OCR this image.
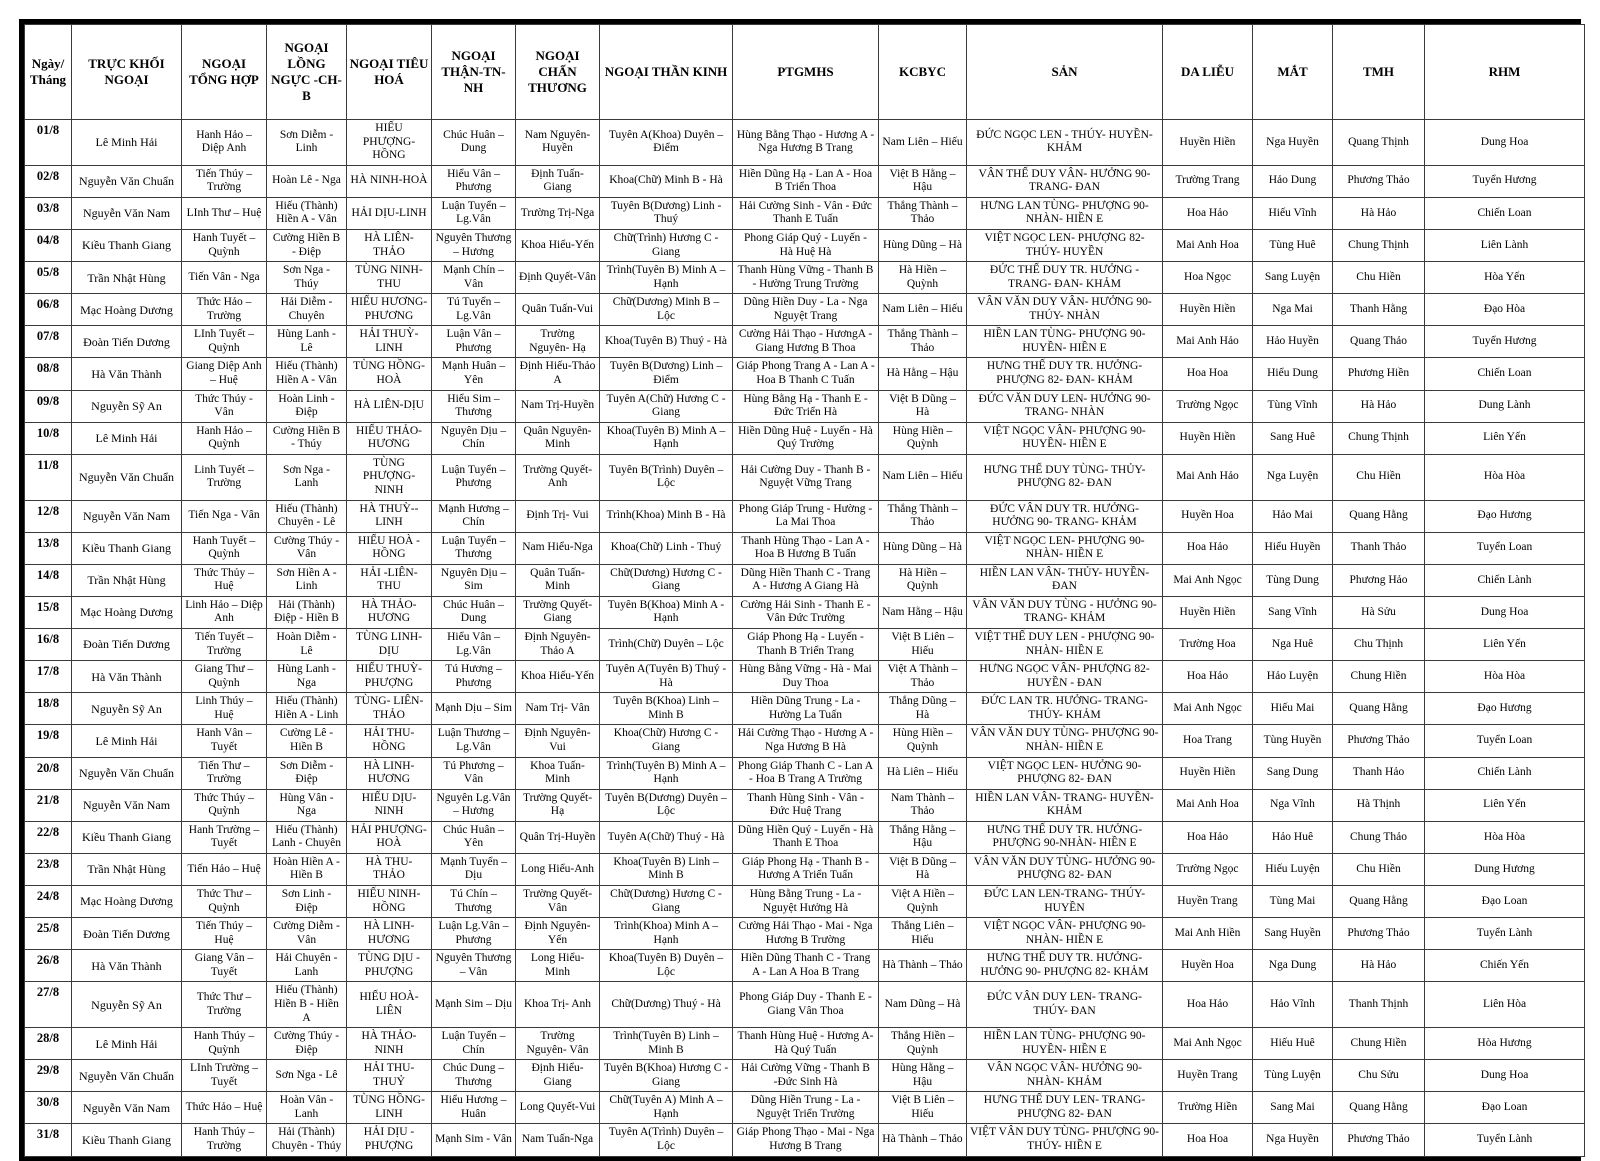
Ngày/ Tháng	TRỰC KHỐI NGOẠI	NGOẠI TỔNG HỢP	NGOẠI LỒNG NGỰC -CH-B	NGOẠI TIÊU HOÁ	NGOẠI THẬN-TN-NH	NGOẠI CHẤN THƯƠNG	NGOẠI THẦN KINH	PTGMHS	KCBYC	SẢN	DA LIỄU	MẮT	TMH	RHM
01/8	Lê Minh Hải	Hanh Hảo – Diệp Anh	Sơn Diễm - Linh	HIẾU PHƯỢNG-HỒNG	Chúc Huân – Dung	Nam Nguyên-Huyền	Tuyên A(Khoa) Duyên – Điểm	Hùng Bằng Thạo - Hương A - Nga Hương B Trang	Nam Liên – Hiếu	ĐỨC NGỌC LEN - THÚY- HUYỀN-KHẢM	Huyền Hiền	Nga Huyền	Quang Thịnh	Dung Hoa
02/8	Nguyễn Văn Chuẩn	Tiến Thúy – Trường	Hoàn Lê - Nga	HÀ NINH-HOÀ	Hiểu Vân – Phương	Định Tuấn-Giang	Khoa(Chữ) Minh B - Hà	Hiền Dũng Hạ - Lan A - Hoa B Triển Thoa	Việt B Hằng – Hậu	VÂN THẾ DUY VÂN- HƯỞNG 90-TRANG- ĐAN	Trường Trang	Hảo Dung	Phương Thảo	Tuyển Hương
03/8	Nguyễn Văn Nam	LInh Thư – Huệ	Hiếu (Thành) Hiền A - Vân	HẢI DỊU-LINH	Luận Tuyển – Lg.Vân	Trường Trị-Nga	Tuyên B(Dương) Linh - Thuý	Hải Cường Sinh - Vân - Đức Thanh E Tuấn	Thắng Thành – Thảo	HƯNG LAN TÙNG- PHƯỢNG 90-NHÀN- HIỀN E	Hoa Hảo	Hiếu Vĩnh	Hà Hảo	Chiến Loan
04/8	Kiều Thanh Giang	Hanh Tuyết – Quỳnh	Cường Hiền B - Điệp	HÀ LIÊN-THẢO	Nguyên Thương – Hương	Khoa Hiểu-Yến	Chữ(Trình) Hương C - Giang	Phong Giáp Quý - Luyến - Hà Huệ Hà	Hùng Dũng – Hà	VIỆT NGỌC LEN- PHƯỢNG 82-THÚY- HUYỀN	Mai Anh Hoa	Tùng Huê	Chung Thịnh	Liên Lành
05/8	Trần Nhật Hùng	Tiến Vân - Nga	Sơn Nga - Thúy	TÙNG NINH-THU	Mạnh Chín – Vân	Định Quyết-Vân	Trình(Tuyên B) Minh A – Hạnh	Thanh Hùng Vững - Thanh B - Hường Trung Trường	Hà Hiền – Quỳnh	ĐỨC THẾ DUY TR. HƯỞNG - TRANG- ĐAN- KHẢM	Hoa Ngọc	Sang Luyện	Chu Hiền	Hòa Yến
06/8	Mạc Hoàng Dương	Thức Hảo – Trường	Hải Diễm - Chuyên	HIẾU HƯƠNG-PHƯƠNG	Tú Tuyển – Lg.Vân	Quân Tuấn-Vui	Chữ(Dương) Minh B – Lộc	Dũng Hiền Duy - La - Nga Nguyệt Trang	Nam Liên – Hiếu	VÂN VĂN DUY VÂN- HƯỞNG 90-THÚY- NHÀN	Huyền Hiền	Nga Mai	Thanh Hằng	Đạo Hòa
07/8	Đoàn Tiến Dương	LInh Tuyết – Quỳnh	Hùng Lanh - Lê	HẢI THUỲ-LINH	Luận Vân – Phương	Trường Nguyên- Hạ	Khoa(Tuyên B) Thuý - Hà	Cường Hải Thạo - HươngA - Giang Hương B Thoa	Thắng Thành – Thảo	HIỀN LAN TÙNG- PHƯỢNG 90-HUYỀN- HIỀN E	Mai Anh Hảo	Hảo Huyền	Quang Thảo	Tuyển Hương
08/8	Hà Văn Thành	Giang Diệp Anh – Huệ	Hiếu (Thành) Hiền A - Vân	TÙNG HỒNG-HOÀ	Mạnh Huân – Yên	Định Hiếu-Thảo A	Tuyên B(Dương) Linh – Điểm	Giáp Phong Trang A - Lan A - Hoa B Thanh C Tuấn	Hà Hằng – Hậu	HƯNG THẾ DUY TR. HƯỞNG-PHƯỢNG 82- ĐAN- KHẢM	Hoa Hoa	Hiểu Dung	Phương Hiền	Chiến Loan
09/8	Nguyễn Sỹ An	Thức Thúy - Vân	Hoàn Linh - Điệp	HÀ LIÊN-DỊU	Hiểu Sim – Thương	Nam Trị-Huyền	Tuyên A(Chữ) Hương C - Giang	Hùng Bằng Hạ - Thanh E - Đức Triển Hà	Việt B Dũng – Hà	ĐỨC VĂN DUY LEN- HƯỞNG 90-TRANG- NHÀN	Trường Ngọc	Tùng Vĩnh	Hà Hảo	Dung Lành
10/8	Lê Minh Hải	Hanh Hảo – Quỳnh	Cường Hiền B - Thúy	HIẾU THẢO-HƯƠNG	Nguyên Dịu – Chín	Quân Nguyên-Minh	Khoa(Tuyên B) Minh A – Hạnh	Hiền Dũng Huệ - Luyến - Hà Quý Trường	Hùng Hiền – Quỳnh	VIỆT NGỌC VÂN- PHƯỢNG 90-HUYỀN- HIỀN E	Huyền Hiền	Sang Huê	Chung Thịnh	Liên Yến
11/8	Nguyễn Văn Chuẩn	Linh Tuyết – Trường	Sơn Nga - Lanh	TÙNG PHƯỢNG-NINH	Luận Tuyển – Phương	Trường Quyết-Anh	Tuyên B(Trình) Duyên – Lộc	Hải Cường Duy - Thanh B - Nguyệt Vững Trang	Nam Liên – Hiếu	HƯNG THẾ DUY TÙNG- THỦY-PHƯỢNG 82- ĐAN	Mai Anh Hảo	Nga Luyện	Chu Hiền	Hòa Hòa
12/8	Nguyễn Văn Nam	Tiến Nga - Vân	Hiếu (Thành) Chuyên - Lê	HÀ THUỲ--LINH	Mạnh Hương – Chín	Định Trị- Vui	Trình(Khoa) Minh B - Hà	Phong Giáp Trung - Hường - La Mai Thoa	Thắng Thành – Thảo	ĐỨC VÂN DUY TR. HƯỞNG-HƯỞNG 90- TRANG- KHẢM	Huyền Hoa	Hảo Mai	Quang Hằng	Đạo Hương
13/8	Kiều Thanh Giang	Hanh Tuyết – Quỳnh	Cường Thúy - Vân	HIẾU HOÀ - HỒNG	Luận Tuyển – Thương	Nam Hiểu-Nga	Khoa(Chữ) Linh - Thuý	Thanh Hùng Thạo - Lan A - Hoa B Hương B Tuấn	Hùng Dũng – Hà	VIỆT NGỌC LEN- PHƯỢNG 90-NHÀN- HIỀN E	Hoa Hảo	Hiểu Huyền	Thanh Thảo	Tuyển Loan
14/8	Trần Nhật Hùng	Thức Thủy – Huệ	Sơn Hiền A - Linh	HẢI -LIÊN-THU	Nguyên Dịu – Sim	Quân Tuấn-Minh	Chữ(Dương) Hương C - Giang	Dũng Hiền Thanh C - Trang A - Hương A Giang Hà	Hà Hiền – Quỳnh	HIỀN LAN VÂN- THỦY- HUYỀN-ĐAN	Mai Anh Ngọc	Tùng Dung	Phương Hảo	Chiến Lành
15/8	Mạc Hoàng Dương	Linh Hảo – Diệp Anh	Hải (Thành) Điệp - Hiền B	HÀ THẢO-HƯƠNG	Chúc Huân – Dung	Trường Quyết-Giang	Tuyên B(Khoa) Minh A - Hạnh	Cường Hải Sinh - Thanh E - Vân Đức Trường	Nam Hằng – Hậu	VÂN VĂN DUY TÙNG - HƯỞNG 90- TRANG- KHẢM	Huyền Hiền	Sang Vĩnh	Hà Sửu	Dung Hoa
16/8	Đoàn Tiến Dương	Tiến Tuyết – Trường	Hoàn Diễm - Lê	TÙNG LINH-DỊU	Hiểu Vân – Lg.Vân	Định Nguyên-Thảo A	Trình(Chữ) Duyên – Lộc	Giáp Phong Hạ - Luyến - Thanh B Triển Trang	Việt B Liên – Hiếu	VIỆT THẾ DUY LEN - PHƯỢNG 90-NHÀN- HIỀN E	Trường Hoa	Nga Huê	Chu Thịnh	Liên Yến
17/8	Hà Văn Thành	Giang Thư – Quỳnh	Hùng Lanh - Nga	HIẾU THUỲ-PHƯỢNG	Tú Hương – Phương	Khoa Hiểu-Yến	Tuyên A(Tuyên B) Thuý - Hà	Hùng Bằng Vững - Hà - Mai Duy Thoa	Việt A Thành – Thảo	HƯNG NGỌC VÂN- PHƯỢNG 82-HUYỀN - ĐAN	Hoa Hảo	Hảo Luyện	Chung Hiền	Hòa Hòa
18/8	Nguyễn Sỹ An	Linh Thúy – Huệ	Hiếu (Thành) Hiền A - Linh	TÙNG- LIÊN-THẢO	Mạnh Dịu – Sim	Nam Trị- Vân	Tuyên B(Khoa) Linh – Minh B	Hiền Dũng Trung - La - Hường La Tuấn	Thắng Dũng – Hà	ĐỨC LAN TR. HƯỞNG- TRANG-THÚY- KHẢM	Mai Anh Ngọc	Hiếu Mai	Quang Hằng	Đạo Hương
19/8	Lê Minh Hải	Hanh Vân – Tuyết	Cường Lê - Hiền B	HẢI THU-HỒNG	Luận Thương – Lg.Vân	Định Nguyên-Vui	Khoa(Chữ) Hương C - Giang	Hải Cường Thạo - Hương A - Nga Hương B Hà	Hùng Hiền – Quỳnh	VÂN VĂN DUY TÙNG- PHƯỢNG 90- NHÀN- HIỀN E	Hoa Trang	Tùng Huyền	Phương Thảo	Tuyển Loan
20/8	Nguyễn Văn Chuẩn	Tiến Thư – Trường	Sơn Diễm - Điệp	HÀ LINH-HƯƠNG	Tú Phương – Vân	Khoa Tuấn-Minh	Trình(Tuyên B) Minh A – Hạnh	Phong Giáp Thanh C - Lan A - Hoa B Trang A Trường	Hà Liên – Hiếu	VIỆT NGỌC LEN- HƯỞNG 90-PHƯỢNG 82- ĐAN	Huyền Hiền	Sang Dung	Thanh Hảo	Chiến Lành
21/8	Nguyễn Văn Nam	Thức Thúy – Quỳnh	Hùng Vân - Nga	HIẾU DỊU-NINH	Nguyên Lg.Vân – Hương	Trường Quyết-Hạ	Tuyên B(Dương) Duyên – Lộc	Thanh Hùng Sinh - Vân - Đức Huệ Trang	Nam Thành – Thảo	HIỀN LAN VÂN- TRANG- HUYỀN-KHẢM	Mai Anh Hoa	Nga Vĩnh	Hà Thịnh	Liên Yến
22/8	Kiều Thanh Giang	Hanh Trường – Tuyết	Hiếu (Thành) Lanh - Chuyên	HẢI PHƯỢNG-HOÀ	Chúc Huân – Yên	Quân Trị-Huyền	Tuyên A(Chữ) Thuý - Hà	Dũng Hiền Quý - Luyến - Hà Thanh E Thoa	Thắng Hằng – Hậu	HƯNG THẾ DUY TR. HƯỞNG-PHƯỢNG 90-NHÀN- HIỀN E	Hoa Hảo	Hảo Huê	Chung Thảo	Hòa Hòa
23/8	Trần Nhật Hùng	Tiến Hảo – Huệ	Hoàn Hiền A - Hiền B	HÀ THU-THẢO	Mạnh Tuyển – Dịu	Long Hiểu-Anh	Khoa(Tuyên B) Linh – Minh B	Giáp Phong Hạ - Thanh B - Hương A Triển Tuấn	Việt B Dũng – Hà	VÂN VĂN DUY TÙNG- HƯỞNG 90- PHƯỢNG 82- ĐAN	Trường Ngọc	Hiếu Luyện	Chu Hiền	Dung Hương
24/8	Mạc Hoàng Dương	Thức Thư – Quỳnh	Sơn Linh - Điệp	HIẾU NINH-HỒNG	Tú Chín – Thương	Trường Quyết-Vân	Chữ(Dương) Hương C - Giang	Hùng Bằng Trung - La - Nguyệt Hưởng Hà	Việt A Hiền – Quỳnh	ĐỨC LAN LEN-TRANG- THÚY-HUYỀN	Huyền Trang	Tùng Mai	Quang Hằng	Đạo Loan
25/8	Đoàn Tiến Dương	Tiến Thúy – Huệ	Cường Diễm - Vân	HÀ LINH-HƯƠNG	Luận Lg.Vân – Phương	Định Nguyên-Yến	Trình(Khoa) Minh A – Hạnh	Cường Hải Thạo - Mai - Nga Hương B Trường	Thắng Liên – Hiếu	VIỆT NGỌC VÂN- PHƯỢNG 90-NHÀN- HIỀN E	Mai Anh Hiền	Sang Huyền	Phương Thảo	Tuyển Lành
26/8	Hà Văn Thành	Giang Vân – Tuyết	Hải Chuyên - Lanh	TÙNG DỊU - PHƯỢNG	Nguyên Thương – Vân	Long Hiểu-Minh	Khoa(Tuyên B) Duyên – Lộc	Hiền Dũng Thanh C - Trang A - Lan A Hoa B Trang	Hà Thành – Thảo	HƯNG THẾ DUY TR. HƯỞNG-HƯỞNG 90- PHƯỢNG 82- KHẢM	Huyền Hoa	Nga Dung	Hà Hảo	Chiến Yến
27/8	Nguyễn Sỹ An	Thức Thư – Trường	Hiếu (Thành) Hiền B - Hiền A	HIẾU HOÀ-LIÊN	Mạnh Sim – Dịu	Khoa Trị- Anh	Chữ(Dương) Thuý - Hà	Phong Giáp Duy - Thanh E - Giang Vân Thoa	Nam Dũng – Hà	ĐỨC VÂN DUY LEN- TRANG-THÚY- ĐAN	Hoa Hảo	Hảo Vĩnh	Thanh Thịnh	Liên Hòa
28/8	Lê Minh Hải	Hanh Thúy – Quỳnh	Cường Thúy - Điệp	HÀ THẢO-NINH	Luận Tuyển – Chín	Trường Nguyên- Vân	Trình(Tuyên B) Linh – Minh B	Thanh Hùng Huệ - Hương A- Hà Quý Tuấn	Thắng Hiền – Quỳnh	HIỀN LAN TÙNG- PHƯỢNG 90-HUYỀN- HIỀN E	Mai Anh Ngọc	Hiếu Huê	Chung Hiền	Hòa Hương
29/8	Nguyễn Văn Chuẩn	LInh Trường – Tuyết	Sơn Nga - Lê	HẢI THU-THUỶ	Chúc Dung – Thương	Định Hiểu-Giang	Tuyên B(Khoa) Hương C - Giang	Hải Cường Vững - Thanh B -Đức Sinh Hà	Hùng Hằng – Hậu	VÂN NGỌC VÂN- HƯỞNG 90-NHÀN- KHẢM	Huyền Trang	Tùng Luyện	Chu Sửu	Dung Hoa
30/8	Nguyễn Văn Nam	Thức Hảo – Huệ	Hoàn Vân - Lanh	TÙNG HỒNG-LINH	Hiểu Hương – Huân	Long Quyết-Vui	Chữ(Tuyên A) Minh A – Hạnh	Dũng Hiền Trung - La - Nguyệt Triển Trường	Việt B Liên – Hiếu	HƯNG THẾ DUY LEN- TRANG-PHƯỢNG 82- ĐAN	Trường Hiền	Sang Mai	Quang Hằng	Đạo Loan
31/8	Kiều Thanh Giang	Hanh Thúy – Trường	Hải (Thành) Chuyên - Thúy	HẢI DỊU - PHƯỢNG	Mạnh Sim - Vân	Nam Tuấn-Nga	Tuyên A(Trình) Duyên – Lộc	Giáp Phong Thạo - Mai - Nga Hương B Trang	Hà Thành – Thảo	VIỆT VÂN DUY TÙNG- PHƯỢNG 90- THÚY- HIỀN E	Hoa Hoa	Nga Huyền	Phương Thảo	Tuyển Lành
